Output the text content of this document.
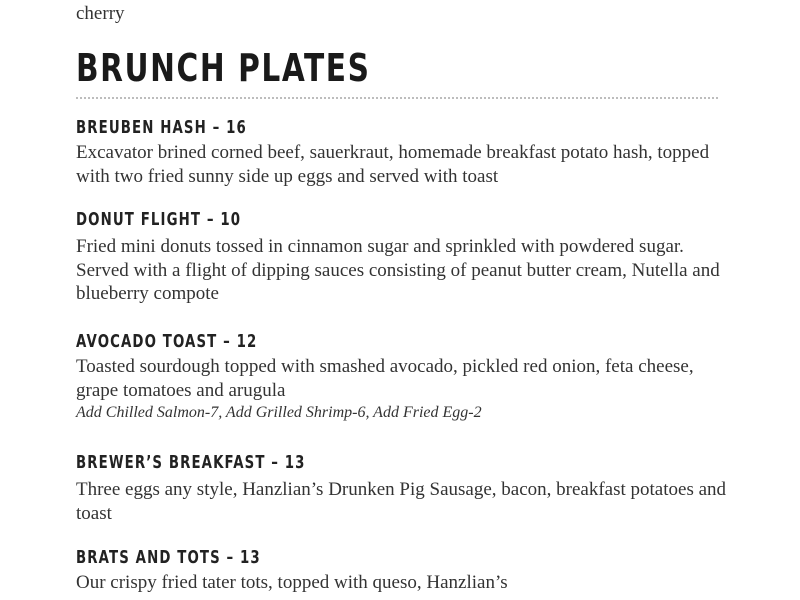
cherry
BRUNCH PLATES
BREUBEN HASH – 16
Excavator brined corned beef, sauerkraut, homemade breakfast potato hash, topped with two fried sunny side up eggs and served with toast
DONUT FLIGHT – 10
Fried mini donuts tossed in cinnamon sugar and sprinkled with powdered sugar. Served with a flight of dipping sauces consisting of peanut butter cream, Nutella and blueberry compote
AVOCADO TOAST – 12
Toasted sourdough topped with smashed avocado, pickled red onion, feta cheese, grape tomatoes and arugula
Add Chilled Salmon-7, Add Grilled Shrimp-6, Add Fried Egg-2
BREWER’S BREAKFAST – 13
Three eggs any style, Hanzlian’s Drunken Pig Sausage, bacon, breakfast potatoes and toast
BRATS AND TOTS – 13
Our crispy fried tater tots, topped with queso, Hanzlian’s
